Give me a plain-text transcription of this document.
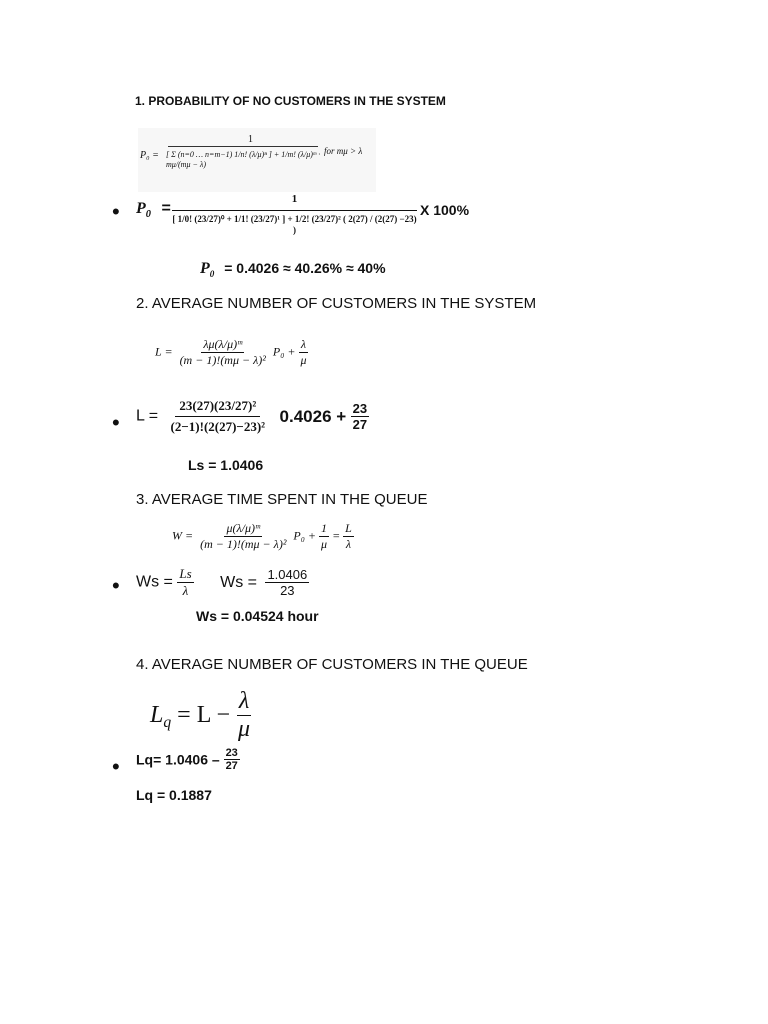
1. PROBABILITY OF NO CUSTOMERS IN THE SYSTEM
P₀ =
1
[ Σ (n=0 … n=m−1) 1/n! (λ/μ)ⁿ ] + 1/m! (λ/μ)ᵐ · mμ/(mμ − λ)
for mμ > λ
• $P_0$ =
1
[ 1/0! (23/27)⁰ + 1/1! (23/27)¹ ] + 1/2! (23/27)² ( 2(27) / (2(27) −23) )
X 100%
$P_0 = 0.4026 \approx 40.26\% \approx 40\%$
2. AVERAGE NUMBER OF CUSTOMERS IN THE SYSTEM
$L = \frac{\text{λμ(λ/μ)ᵐ}}{\text{(m − 1)!(mμ − λ)²}} P_0 + \frac{\lambda}{\mu}$
• $L = \frac{\text{23(27)(23/27)²}}{\text{(2−1)!(2(27)−23)²}} 0.4026 + \frac{23}{27}$
Ls = 1.0406
3. AVERAGE TIME SPENT IN THE QUEUE
$W = \frac{\text{μ(λ/μ)ᵐ}}{\text{(m − 1)!(mμ − λ)²}} P_0 + \frac{1}{\mu} = \frac{L}{\lambda}$
• $Ws = \frac{Ls}{\lambda}$ $Ws = \frac{1.0406}{23}$
Ws = 0.04524 hour
4. AVERAGE NUMBER OF CUSTOMERS IN THE QUEUE
$L_q = L - \frac{\lambda}{\mu}$
• $Lq= 1.0406 - \frac{23}{27}$
Lq = 0.1887
